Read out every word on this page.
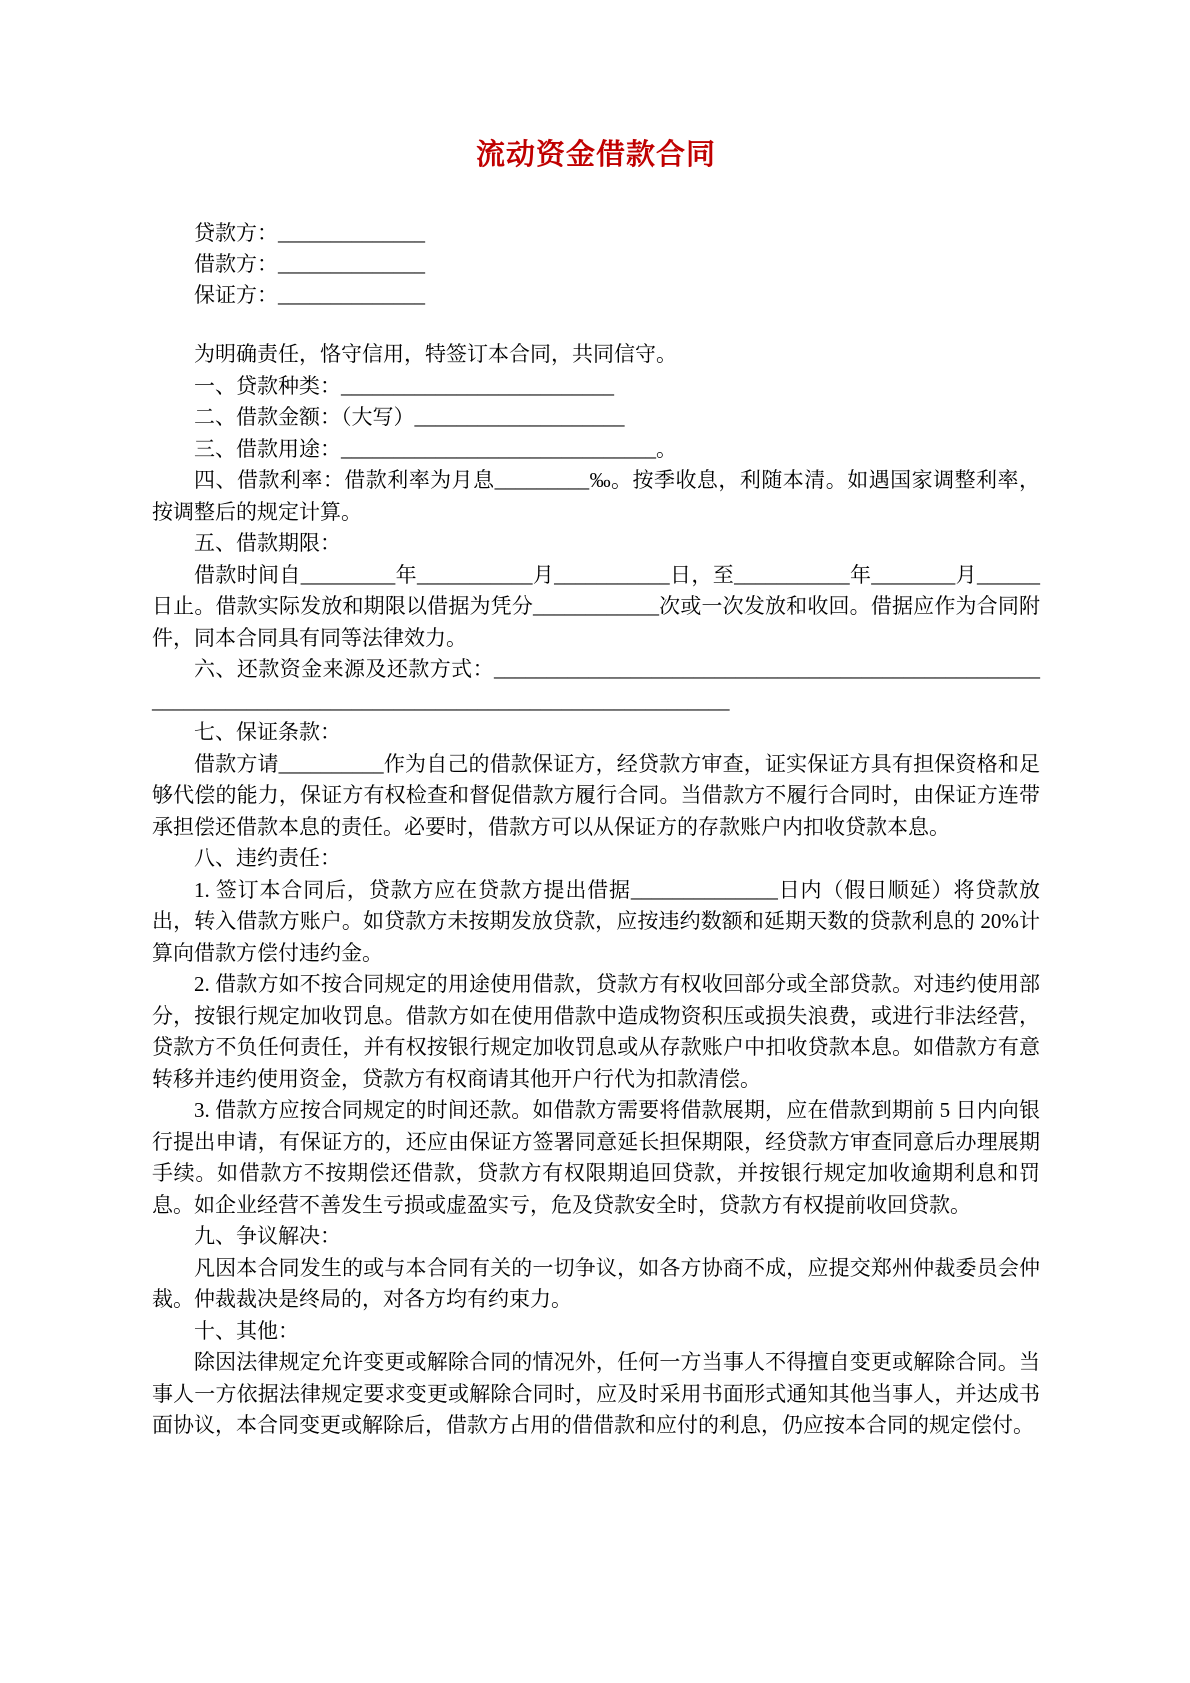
流动资金借款合同
贷款方：______________
借款方：______________
保证方：______________

为明确责任，恪守信用，特签订本合同，共同信守。

一、贷款种类：__________________________

二、借款金额：（大写）____________________

三、借款用途：______________________________。

四、借款利率：借款利率为月息_________‰。按季收息，利随本清。如遇国家调整利率，按调整后的规定计算。

五、借款期限：

借款时间自_________年___________月___________日，至___________年________月______日止。借款实际发放和期限以借据为凭分____________次或一次发放和收回。借据应作为合同附件，同本合同具有同等法律效力。

六、还款资金来源及还款方式：___________________________________________________________________________________________________________

七、保证条款：

借款方请__________作为自己的借款保证方，经贷款方审查，证实保证方具有担保资格和足够代偿的能力，保证方有权检查和督促借款方履行合同。当借款方不履行合同时，由保证方连带承担偿还借款本息的责任。必要时，借款方可以从保证方的存款账户内扣收贷款本息。

八、违约责任：

1. 签订本合同后，贷款方应在贷款方提出借据______________日内（假日顺延）将贷款放出，转入借款方账户。如贷款方未按期发放贷款，应按违约数额和延期天数的贷款利息的 20%计算向借款方偿付违约金。

2. 借款方如不按合同规定的用途使用借款，贷款方有权收回部分或全部贷款。对违约使用部分，按银行规定加收罚息。借款方如在使用借款中造成物资积压或损失浪费，或进行非法经营，贷款方不负任何责任，并有权按银行规定加收罚息或从存款账户中扣收贷款本息。如借款方有意转移并违约使用资金，贷款方有权商请其他开户行代为扣款清偿。

3. 借款方应按合同规定的时间还款。如借款方需要将借款展期，应在借款到期前 5 日内向银行提出申请，有保证方的，还应由保证方签署同意延长担保期限，经贷款方审查同意后办理展期手续。如借款方不按期偿还借款，贷款方有权限期追回贷款，并按银行规定加收逾期利息和罚息。如企业经营不善发生亏损或虚盈实亏，危及贷款安全时，贷款方有权提前收回贷款。

九、争议解决：

凡因本合同发生的或与本合同有关的一切争议，如各方协商不成，应提交郑州仲裁委员会仲裁。仲裁裁决是终局的，对各方均有约束力。

十、其他：

除因法律规定允许变更或解除合同的情况外，任何一方当事人不得擅自变更或解除合同。当事人一方依据法律规定要求变更或解除合同时，应及时采用书面形式通知其他当事人，并达成书面协议，本合同变更或解除后，借款方占用的借借款和应付的利息，仍应按本合同的规定偿付。
